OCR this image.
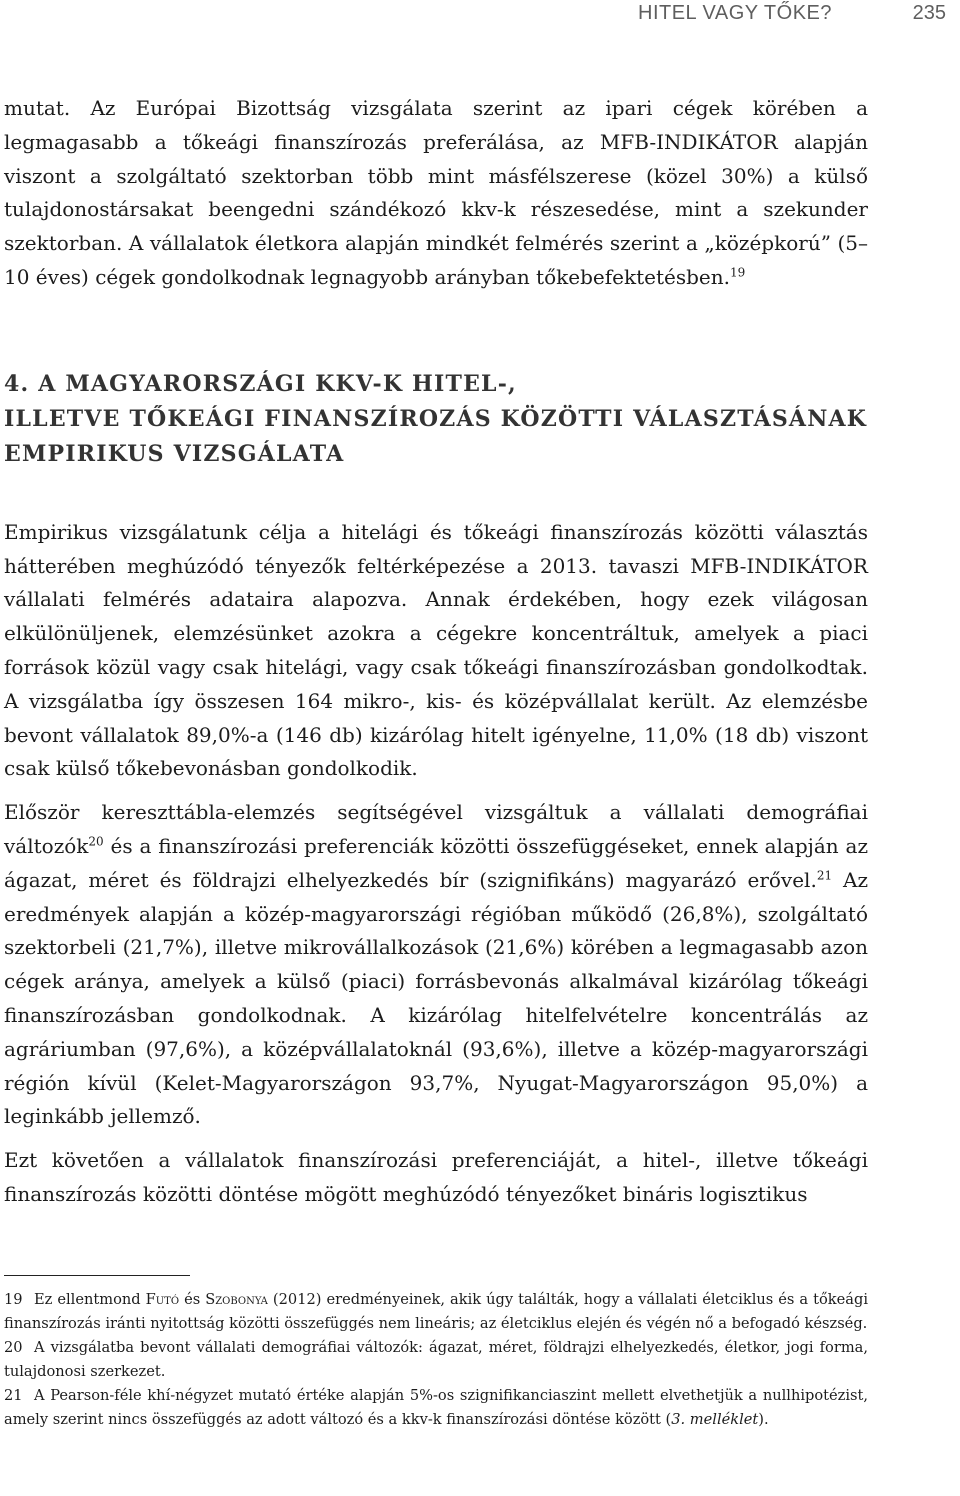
HITEL VAGY TŐKE?	235

mutat. Az Európai Bizottság vizsgálata szerint az ipari cégek körében a legmagasabb a tőkeági finanszírozás preferálása, az MFB-INDIKÁTOR alapján viszont a szolgáltató szektorban több mint másfélszerese (közel 30%) a külső tulajdonostársakat beengedni szándékozó kkv-k részesedése, mint a szekunder szektorban. A vállalatok életkora alapján mindkét felmérés szerint a „középkorú” (5–10 éves) cégek gondolkodnak legnagyobb arányban tőkebefektetésben.$^{19}$

4. A MAGYARORSZÁGI KKV-K HITEL-,
ILLETVE TŐKEÁGI FINANSZÍROZÁS KÖZÖTTI VÁLASZTÁSÁNAK
EMPIRIKUS VIZSGÁLATA

Empirikus vizsgálatunk célja a hitelági és tőkeági finanszírozás közötti választás hátterében meghúzódó tényezők feltérképezése a 2013. tavaszi MFB-INDIKÁTOR vállalati felmérés adataira alapozva. Annak érdekében, hogy ezek világosan elkülönüljenek, elemzésünket azokra a cégekre koncentráltuk, amelyek a piaci források közül vagy csak hitelági, vagy csak tőkeági finanszírozásban gondolkodtak. A vizsgálatba így összesen 164 mikro-, kis- és középvállalat került. Az elemzésbe bevont vállalatok 89,0%-a (146 db) kizárólag hitelt igényelne, 11,0% (18 db) viszont csak külső tőkebevonásban gondolkodik.

Először kereszttábla-elemzés segítségével vizsgáltuk a vállalati demográfiai változók$^{20}$ és a finanszírozási preferenciák közötti összefüggéseket, ennek alapján az ágazat, méret és földrajzi elhelyezkedés bír (szignifikáns) magyarázó erővel.$^{21}$ Az eredmények alapján a közép-magyarországi régióban működő (26,8%), szolgáltató szektorbeli (21,7%), illetve mikrovállalkozások (21,6%) körében a legmagasabb azon cégek aránya, amelyek a külső (piaci) forrásbevonás alkalmával kizárólag tőkeági finanszírozásban gondolkodnak. A kizárólag hitelfelvételre koncentrálás az agráriumban (97,6%), a középvállalatoknál (93,6%), illetve a közép-magyarországi régión kívül (Kelet-Magyarországon 93,7%, Nyugat-Magyarországon 95,0%) a leginkább jellemző.

Ezt követően a vállalatok finanszírozási preferenciáját, a hitel-, illetve tőkeági finanszírozás közötti döntése mögött meghúzódó tényezőket bináris logisztikus

19 Ez ellentmond Futó és Szobonya (2012) eredményeinek, akik úgy találták, hogy a vállalati életciklus és a tőkeági finanszírozás iránti nyitottság közötti összefüggés nem lineáris; az életciklus elején és végén nő a befogadó készség.

20 A vizsgálatba bevont vállalati demográfiai változók: ágazat, méret, földrajzi elhelyezkedés, életkor, jogi forma, tulajdonosi szerkezet.

21 A Pearson-féle khí-négyzet mutató értéke alapján 5%-os szignifikanciaszint mellett elvethetjük a nullhipotézist, amely szerint nincs összefüggés az adott változó és a kkv-k finanszírozási döntése között (3. melléklet).
